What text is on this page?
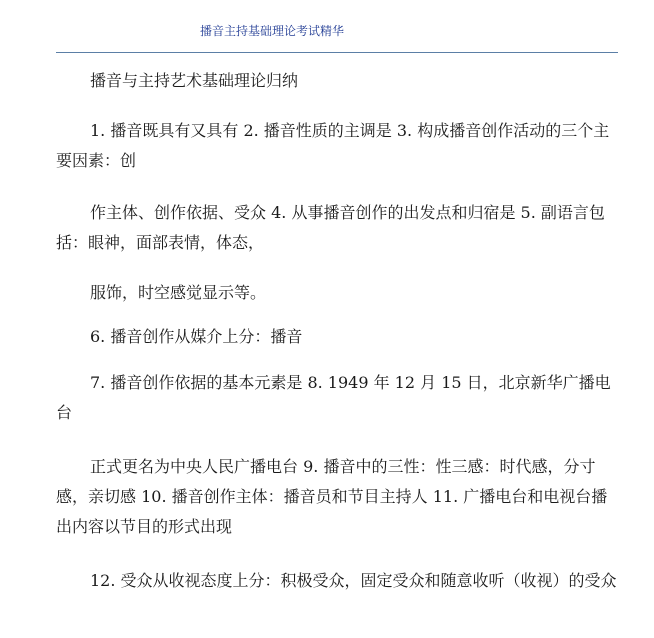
播音主持基础理论考试精华

播音与主持艺术基础理论归纳

1. 播音既具有又具有 2. 播音性质的主调是 3. 构成播音创作活动的三个主要因素：创

作主体、创作依据、受众 4. 从事播音创作的出发点和归宿是 5. 副语言包括：眼神，面部表情，体态，

服饰，时空感觉显示等。

6. 播音创作从媒介上分：播音

7. 播音创作依据的基本元素是 8. 1949 年 12 月 15 日，北京新华广播电台

正式更名为中央人民广播电台 9. 播音中的三性：性三感：时代感，分寸感，亲切感 10. 播音创作主体：播音员和节目主持人 11. 广播电台和电视台播出内容以节目的形式出现

12. 受众从收视态度上分：积极受众，固定受众和随意收听（收视）的受众
